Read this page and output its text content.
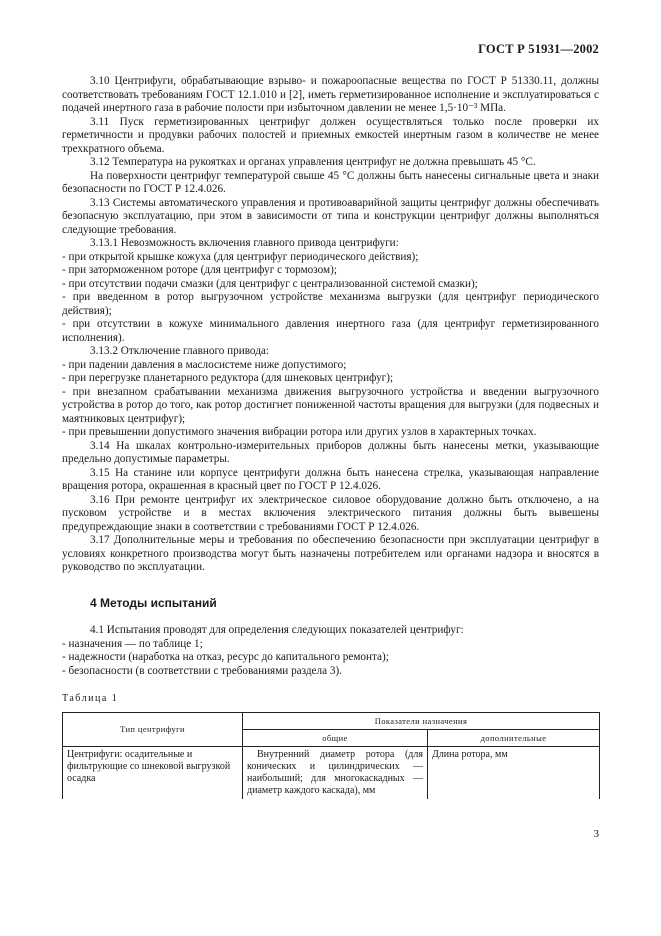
ГОСТ Р 51931—2002

3.10 Центрифуги, обрабатывающие взрыво- и пожароопасные вещества по ГОСТ Р 51330.11, должны соответствовать требованиям ГОСТ 12.1.010 и [2], иметь герметизированное исполнение и эксплуатироваться с подачей инертного газа в рабочие полости при избыточном давлении не менее 1,5·10⁻³ МПа.

3.11 Пуск герметизированных центрифуг должен осуществляться только после проверки их герметичности и продувки рабочих полостей и приемных емкостей инертным газом в количестве не менее трехкратного объема.

3.12 Температура на рукоятках и органах управления центрифуг не должна превышать 45 °С.

На поверхности центрифуг температурой свыше 45 °С должны быть нанесены сигнальные цвета и знаки безопасности по ГОСТ Р 12.4.026.

3.13 Системы автоматического управления и противоаварийной защиты центрифуг должны обеспечивать безопасную эксплуатацию, при этом в зависимости от типа и конструкции центрифуг должны выполняться следующие требования.

3.13.1 Невозможность включения главного привода центрифуги:

- при открытой крышке кожуха (для центрифуг периодического действия);

- при заторможенном роторе (для центрифуг с тормозом);

- при отсутствии подачи смазки (для центрифуг с централизованной системой смазки);

- при введенном в ротор выгрузочном устройстве механизма выгрузки (для центрифуг периодического действия);

- при отсутствии в кожухе минимального давления инертного газа (для центрифуг герметизированного исполнения).

3.13.2 Отключение главного привода:

- при падении давления в маслосистеме ниже допустимого;

- при перегрузке планетарного редуктора (для шнековых центрифуг);

- при внезапном срабатывании механизма движения выгрузочного устройства и введении выгрузочного устройства в ротор до того, как ротор достигнет пониженной частоты вращения для выгрузки (для подвесных и маятниковых центрифуг);

- при превышении допустимого значения вибрации ротора или других узлов в характерных точках.

3.14 На шкалах контрольно-измерительных приборов должны быть нанесены метки, указывающие предельно допустимые параметры.

3.15 На станине или корпусе центрифуги должна быть нанесена стрелка, указывающая направление вращения ротора, окрашенная в красный цвет по ГОСТ Р 12.4.026.

3.16 При ремонте центрифуг их электрическое силовое оборудование должно быть отключено, а на пусковом устройстве и в местах включения электрического питания должны быть вывешены предупреждающие знаки в соответствии с требованиями ГОСТ Р 12.4.026.

3.17 Дополнительные меры и требования по обеспечению безопасности при эксплуатации центрифуг в условиях конкретного производства могут быть назначены потребителем или органами надзора и вносятся в руководство по эксплуатации.

4 Методы испытаний

4.1 Испытания проводят для определения следующих показателей центрифуг:

- назначения — по таблице 1;

- надежности (наработка на отказ, ресурс до капитального ремонта);

- безопасности (в соответствии с требованиями раздела 3).

Таблица 1

Тип центрифуги	Показатели назначения	
	общие	дополнительные
Центрифуги: осадительные и фильтрующие со шнековой выгрузкой осадка	Внутренний диаметр ротора (для конических и цилиндрических — наибольший; для многокаскадных — диаметр каждого каскада), мм	Длина ротора, мм
3
